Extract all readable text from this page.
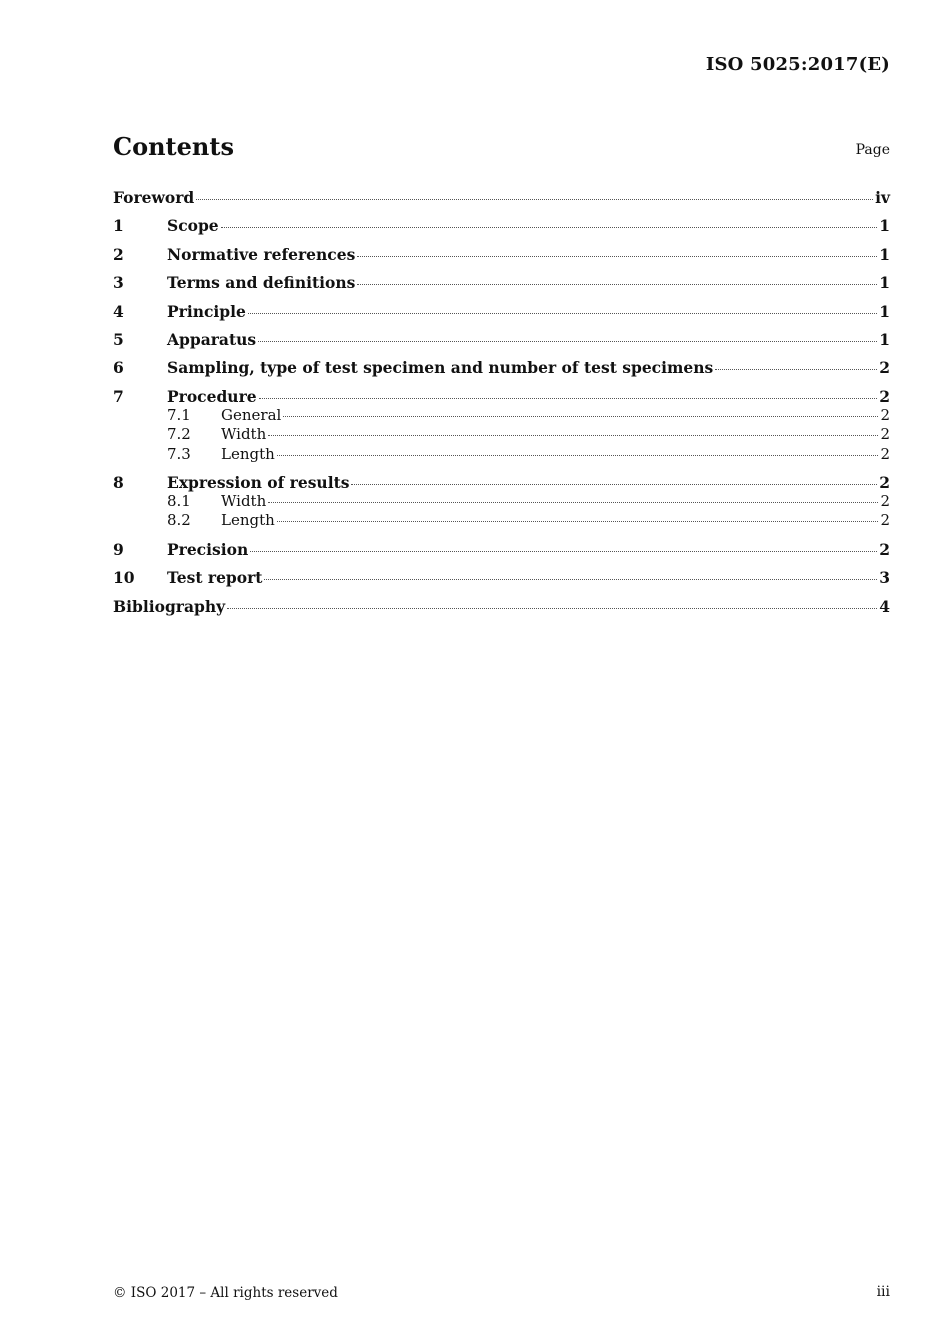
ISO 5025:2017(E)
Contents	Page
Foreword	iv
1	Scope	1
2	Normative references	1
3	Terms and definitions	1
4	Principle	1
5	Apparatus	1
6	Sampling, type of test specimen and number of test specimens	2
7	Procedure	2
7.1	General	2
7.2	Width	2
7.3	Length	2
8	Expression of results	2
8.1	Width	2
8.2	Length	2
9	Precision	2
10	Test report	3
Bibliography	4
© ISO 2017 – All rights reserved	iii
